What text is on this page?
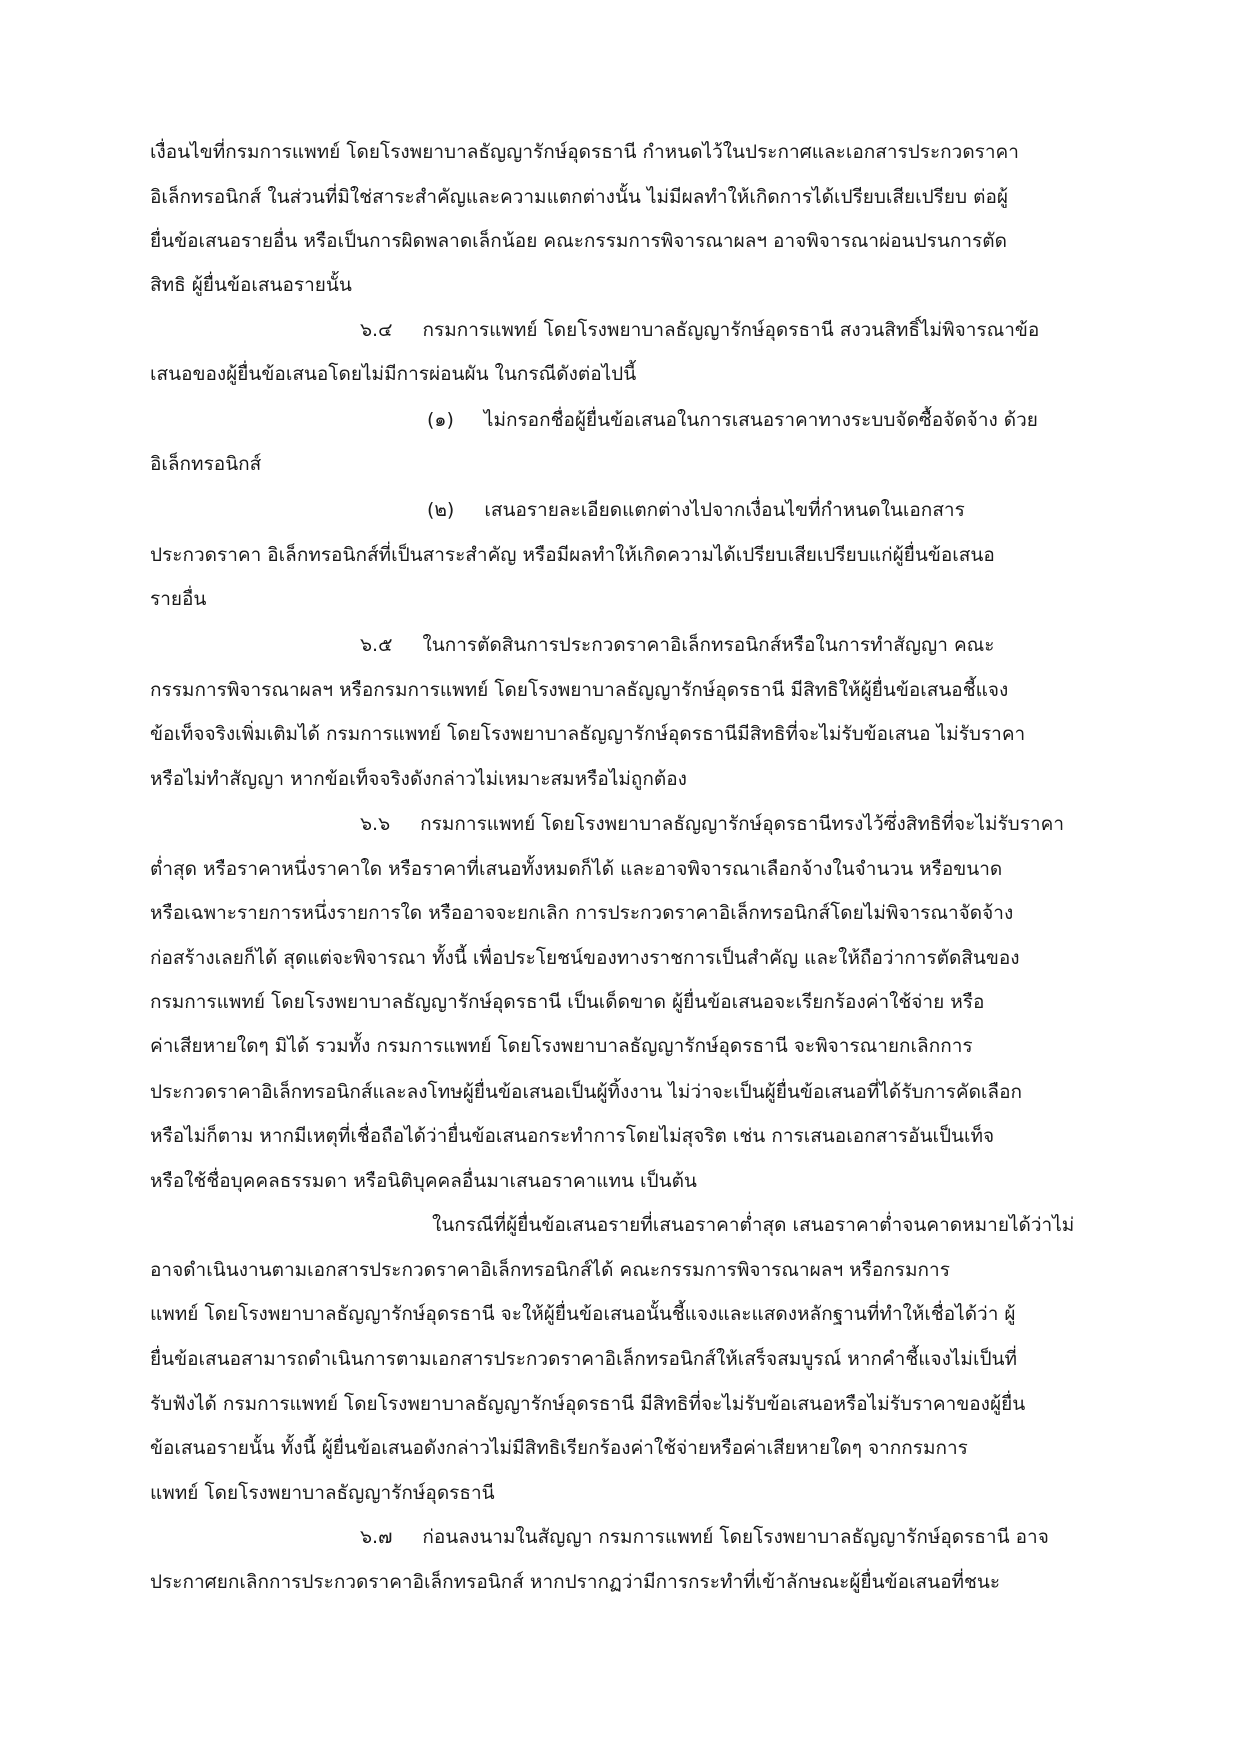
เงื่อนไขที่กรมการแพทย์ โดยโรงพยาบาลธัญญารักษ์อุดรธานี กำหนดไว้ในประกาศและเอกสารประกวดราคา
อิเล็กทรอนิกส์ ในส่วนที่มิใช่สาระสำคัญและความแตกต่างนั้น ไม่มีผลทำให้เกิดการได้เปรียบเสียเปรียบ ต่อผู้
ยื่นข้อเสนอรายอื่น หรือเป็นการผิดพลาดเล็กน้อย คณะกรรมการพิจารณาผลฯ อาจพิจารณาผ่อนปรนการตัด
สิทธิ ผู้ยื่นข้อเสนอรายนั้น
๖.๔ กรมการแพทย์ โดยโรงพยาบาลธัญญารักษ์อุดรธานี สงวนสิทธิ์ไม่พิจารณาข้อ
เสนอของผู้ยื่นข้อเสนอโดยไม่มีการผ่อนผัน ในกรณีดังต่อไปนี้
(๑) ไม่กรอกชื่อผู้ยื่นข้อเสนอในการเสนอราคาทางระบบจัดซื้อจัดจ้าง ด้วย
อิเล็กทรอนิกส์
(๒) เสนอรายละเอียดแตกต่างไปจากเงื่อนไขที่กำหนดในเอกสาร
ประกวดราคา อิเล็กทรอนิกส์ที่เป็นสาระสำคัญ หรือมีผลทำให้เกิดความได้เปรียบเสียเปรียบแก่ผู้ยื่นข้อเสนอ
รายอื่น
๖.๕ ในการตัดสินการประกวดราคาอิเล็กทรอนิกส์หรือในการทำสัญญา คณะ
กรรมการพิจารณาผลฯ หรือกรมการแพทย์ โดยโรงพยาบาลธัญญารักษ์อุดรธานี มีสิทธิให้ผู้ยื่นข้อเสนอชี้แจง
ข้อเท็จจริงเพิ่มเติมได้ กรมการแพทย์ โดยโรงพยาบาลธัญญารักษ์อุดรธานีมีสิทธิที่จะไม่รับข้อเสนอ ไม่รับราคา
หรือไม่ทำสัญญา หากข้อเท็จจริงดังกล่าวไม่เหมาะสมหรือไม่ถูกต้อง
๖.๖ กรมการแพทย์ โดยโรงพยาบาลธัญญารักษ์อุดรธานีทรงไว้ซึ่งสิทธิที่จะไม่รับราคา
ต่ำสุด หรือราคาหนึ่งราคาใด หรือราคาที่เสนอทั้งหมดก็ได้ และอาจพิจารณาเลือกจ้างในจำนวน หรือขนาด
หรือเฉพาะรายการหนึ่งรายการใด หรืออาจจะยกเลิก การประกวดราคาอิเล็กทรอนิกส์โดยไม่พิจารณาจัดจ้าง
ก่อสร้างเลยก็ได้ สุดแต่จะพิจารณา ทั้งนี้ เพื่อประโยชน์ของทางราชการเป็นสำคัญ และให้ถือว่าการตัดสินของ
กรมการแพทย์ โดยโรงพยาบาลธัญญารักษ์อุดรธานี เป็นเด็ดขาด ผู้ยื่นข้อเสนอจะเรียกร้องค่าใช้จ่าย หรือ
ค่าเสียหายใดๆ มิได้ รวมทั้ง กรมการแพทย์ โดยโรงพยาบาลธัญญารักษ์อุดรธานี จะพิจารณายกเลิกการ
ประกวดราคาอิเล็กทรอนิกส์และลงโทษผู้ยื่นข้อเสนอเป็นผู้ทิ้งงาน ไม่ว่าจะเป็นผู้ยื่นข้อเสนอที่ได้รับการคัดเลือก
หรือไม่ก็ตาม หากมีเหตุที่เชื่อถือได้ว่ายื่นข้อเสนอกระทำการโดยไม่สุจริต เช่น การเสนอเอกสารอันเป็นเท็จ
หรือใช้ชื่อบุคคลธรรมดา หรือนิติบุคคลอื่นมาเสนอราคาแทน เป็นต้น
ในกรณีที่ผู้ยื่นข้อเสนอรายที่เสนอราคาต่ำสุด เสนอราคาต่ำจนคาดหมายได้ว่าไม่
อาจดำเนินงานตามเอกสารประกวดราคาอิเล็กทรอนิกส์ได้ คณะกรรมการพิจารณาผลฯ หรือกรมการ
แพทย์ โดยโรงพยาบาลธัญญารักษ์อุดรธานี จะให้ผู้ยื่นข้อเสนอนั้นชี้แจงและแสดงหลักฐานที่ทำให้เชื่อได้ว่า ผู้
ยื่นข้อเสนอสามารถดำเนินการตามเอกสารประกวดราคาอิเล็กทรอนิกส์ให้เสร็จสมบูรณ์ หากคำชี้แจงไม่เป็นที่
รับฟังได้ กรมการแพทย์ โดยโรงพยาบาลธัญญารักษ์อุดรธานี มีสิทธิที่จะไม่รับข้อเสนอหรือไม่รับราคาของผู้ยื่น
ข้อเสนอรายนั้น ทั้งนี้ ผู้ยื่นข้อเสนอดังกล่าวไม่มีสิทธิเรียกร้องค่าใช้จ่ายหรือค่าเสียหายใดๆ จากกรมการ
แพทย์ โดยโรงพยาบาลธัญญารักษ์อุดรธานี
๖.๗ ก่อนลงนามในสัญญา กรมการแพทย์ โดยโรงพยาบาลธัญญารักษ์อุดรธานี อาจ
ประกาศยกเลิกการประกวดราคาอิเล็กทรอนิกส์ หากปรากฏว่ามีการกระทำที่เข้าลักษณะผู้ยื่นข้อเสนอที่ชนะ
